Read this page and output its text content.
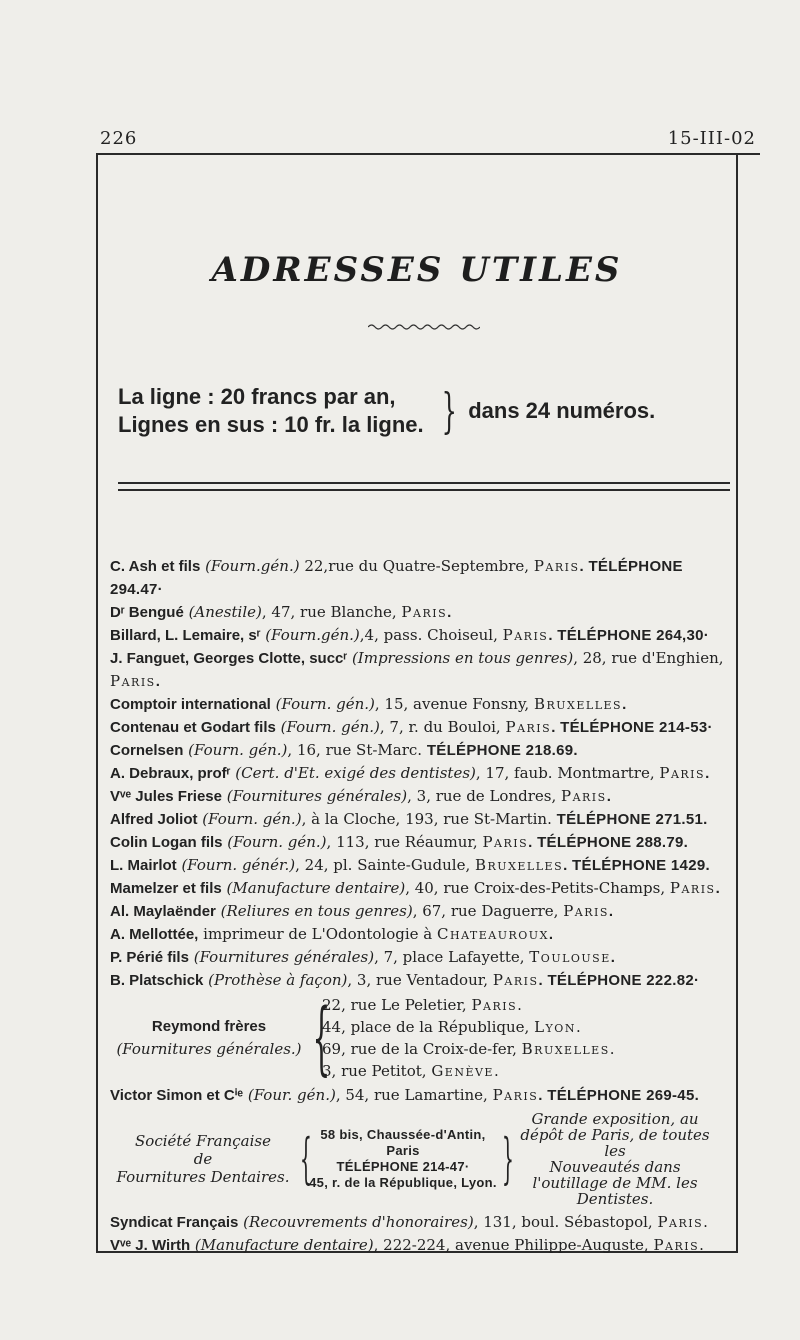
226	15-III-02
ADRESSES UTILES
La ligne : 20 francs par an,
Lignes en sus : 10 fr. la ligne. } dans 24 numéros.
C. Ash et fils (Fourn.gén.) 22,rue du Quatre-Septembre, Paris. TÉLÉPHONE 294.47·
Dʳ Bengué (Anestile), 47, rue Blanche, Paris.
Billard, L. Lemaire, sʳ (Fourn.gén.),4, pass. Choiseul, Paris. TÉLÉPHONE 264,30·
J. Fanguet, Georges Clotte, succʳ (Impressions en tous genres), 28, rue d'Enghien, Paris.
Comptoir international (Fourn. gén.), 15, avenue Fonsny, Bruxelles.
Contenau et Godart fils (Fourn. gén.), 7, r. du Bouloi, Paris. TÉLÉPHONE 214-53·
Cornelsen (Fourn. gén.), 16, rue St-Marc. TÉLÉPHONE 218.69.
A. Debraux, profʳ (Cert. d'Et. exigé des dentistes), 17, faub. Montmartre, Paris.
Vᵛᵉ Jules Friese (Fournitures générales), 3, rue de Londres, Paris.
Alfred Joliot (Fourn. gén.), à la Cloche, 193, rue St-Martin. TÉLÉPHONE 271.51.
Colin Logan fils (Fourn. gén.), 113, rue Réaumur, Paris. TÉLÉPHONE 288.79.
L. Mairlot (Fourn. génér.), 24, pl. Sainte-Gudule, Bruxelles. TÉLÉPHONE 1429.
Mamelzer et fils (Manufacture dentaire), 40, rue Croix-des-Petits-Champs, Paris.
Al. Maylaënder (Reliures en tous genres), 67, rue Daguerre, Paris.
A. Mellottée, imprimeur de L'Odontologie à Chateauroux.
P. Périé fils (Fournitures générales), 7, place Lafayette, Toulouse.
B. Platschick (Prothèse à façon), 3, rue Ventadour, Paris. TÉLÉPHONE 222.82·
Reymond frères
(Fournitures générales.) {
22, rue Le Peletier, Paris.
44, place de la République, Lyon.
69, rue de la Croix-de-fer, Bruxelles.
3, rue Petitot, Genève.
Victor Simon et Cⁱᵉ (Four. gén.), 54, rue Lamartine, Paris. TÉLÉPHONE 269-45.
Société Française
de
Fournitures Dentaires. { 58 bis, Chaussée-d'Antin, Paris
TÉLÉPHONE 214-47·
45, r. de la République, Lyon. }
Grande exposition, au dépôt de Paris, de toutes les
Nouveautés dans l'outillage de MM. les Dentistes.
Syndicat Français (Recouvrements d'honoraires), 131, boul. Sébastopol, Paris.
Vᵛᵉ J. Wirth (Manufacture dentaire), 222-224, avenue Philippe-Auguste, Paris.
